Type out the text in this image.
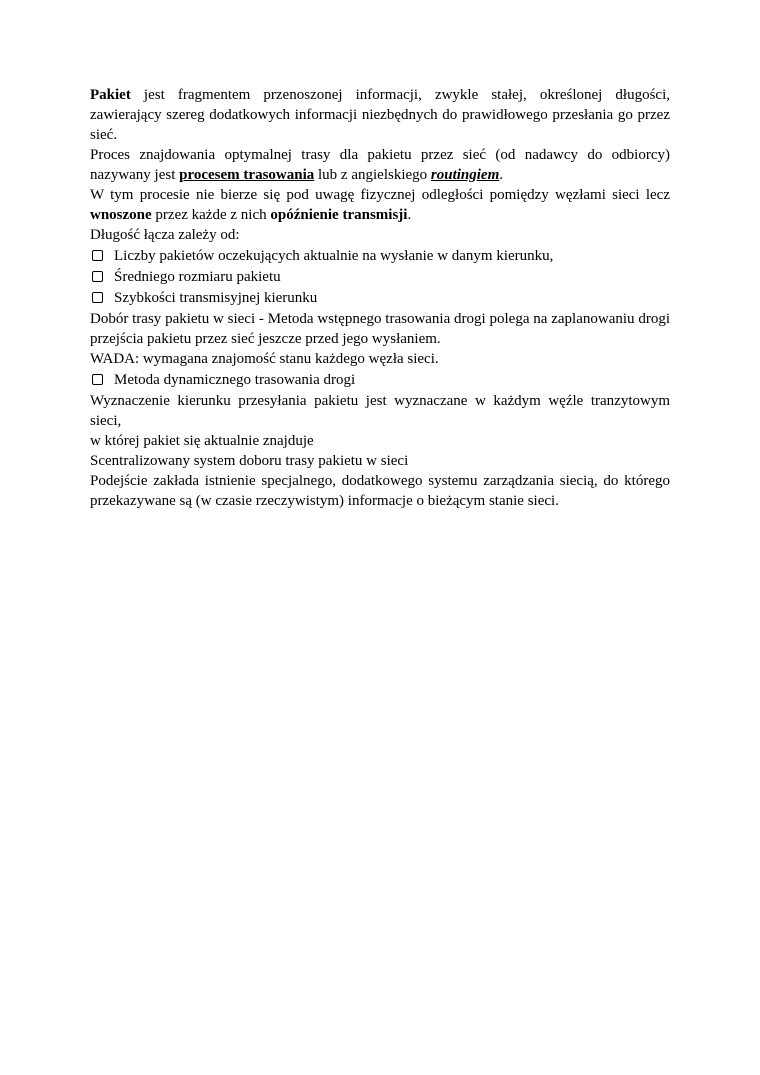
Pakiet jest fragmentem przenoszonej informacji, zwykle stałej, określonej długości, zawierający szereg dodatkowych informacji niezbędnych do prawidłowego przesłania go przez sieć.

Proces znajdowania optymalnej trasy dla pakietu przez sieć (od nadawcy do odbiorcy) nazywany jest procesem trasowania lub z angielskiego routingiem.

W tym procesie nie bierze się pod uwagę fizycznej odległości pomiędzy węzłami sieci lecz wnoszone przez każde z nich opóźnienie transmisji.

Długość łącza zależy od:

Liczby pakietów oczekujących aktualnie na wysłanie w danym kierunku,
Średniego rozmiaru pakietu
Szybkości transmisyjnej kierunku

Dobór trasy pakietu w sieci - Metoda wstępnego trasowania drogi polega na zaplanowaniu drogi przejścia pakietu przez sieć jeszcze przed jego wysłaniem.

WADA: wymagana znajomość stanu każdego węzła sieci.

Metoda dynamicznego trasowania drogi

Wyznaczenie kierunku przesyłania pakietu jest wyznaczane w każdym węźle tranzytowym sieci,

w której pakiet się aktualnie znajduje

Scentralizowany system doboru trasy pakietu w sieci

Podejście zakłada istnienie specjalnego, dodatkowego systemu zarządzania siecią, do którego przekazywane są (w czasie rzeczywistym) informacje o bieżącym stanie sieci.
